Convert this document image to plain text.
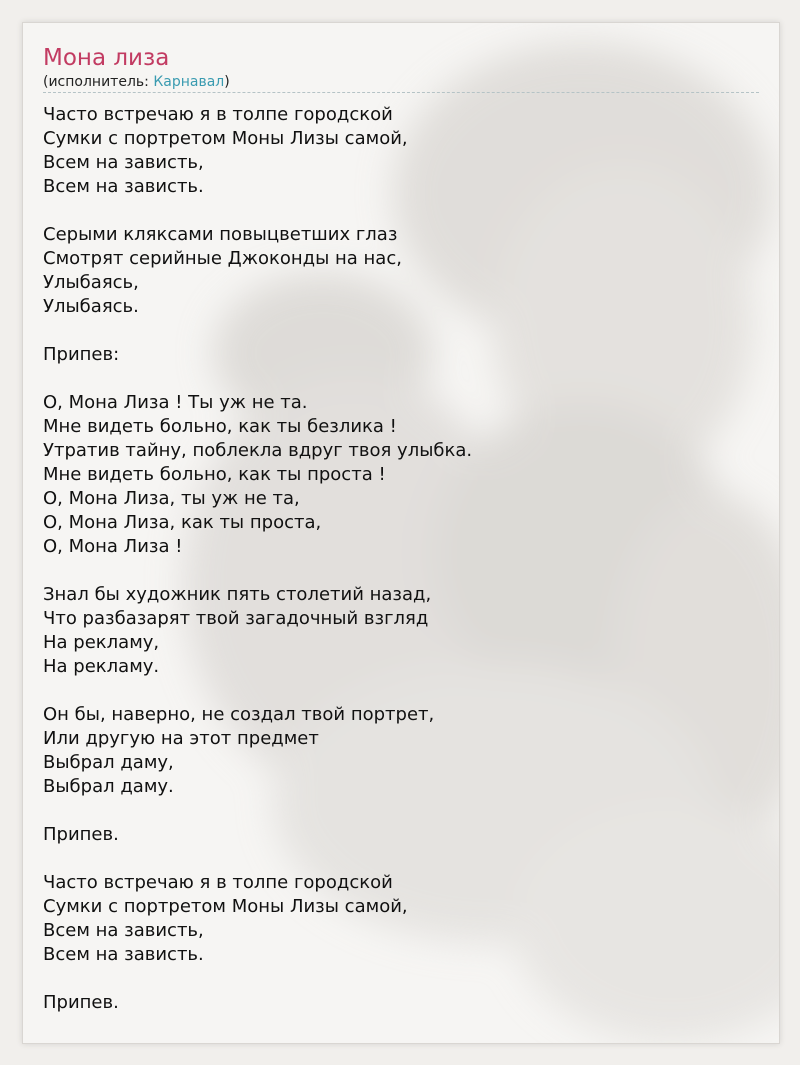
Мона лиза
(исполнитель: Карнавал)
Часто встречаю я в толпе городской
Сумки с портретом Моны Лизы самой,
Всем на зависть,
Всем на зависть.
Серыми кляксами повыцветших глаз
Смотрят серийные Джоконды на нас,
Улыбаясь,
Улыбаясь.
Припев:
О, Мона Лиза ! Ты уж не та.
Мне видеть больно, как ты безлика !
Утратив тайну, поблекла вдруг твоя улыбка.
Мне видеть больно, как ты проста !
О, Мона Лиза, ты уж не та,
О, Мона Лиза, как ты проста,
О, Мона Лиза !
Знал бы художник пять столетий назад,
Что разбазарят твой загадочный взгляд
На рекламу,
На рекламу.
Он бы, наверно, не создал твой портрет,
Или другую на этот предмет
Выбрал даму,
Выбрал даму.
Припев.
Часто встречаю я в толпе городской
Сумки с портретом Моны Лизы самой,
Всем на зависть,
Всем на зависть.
Припев.
